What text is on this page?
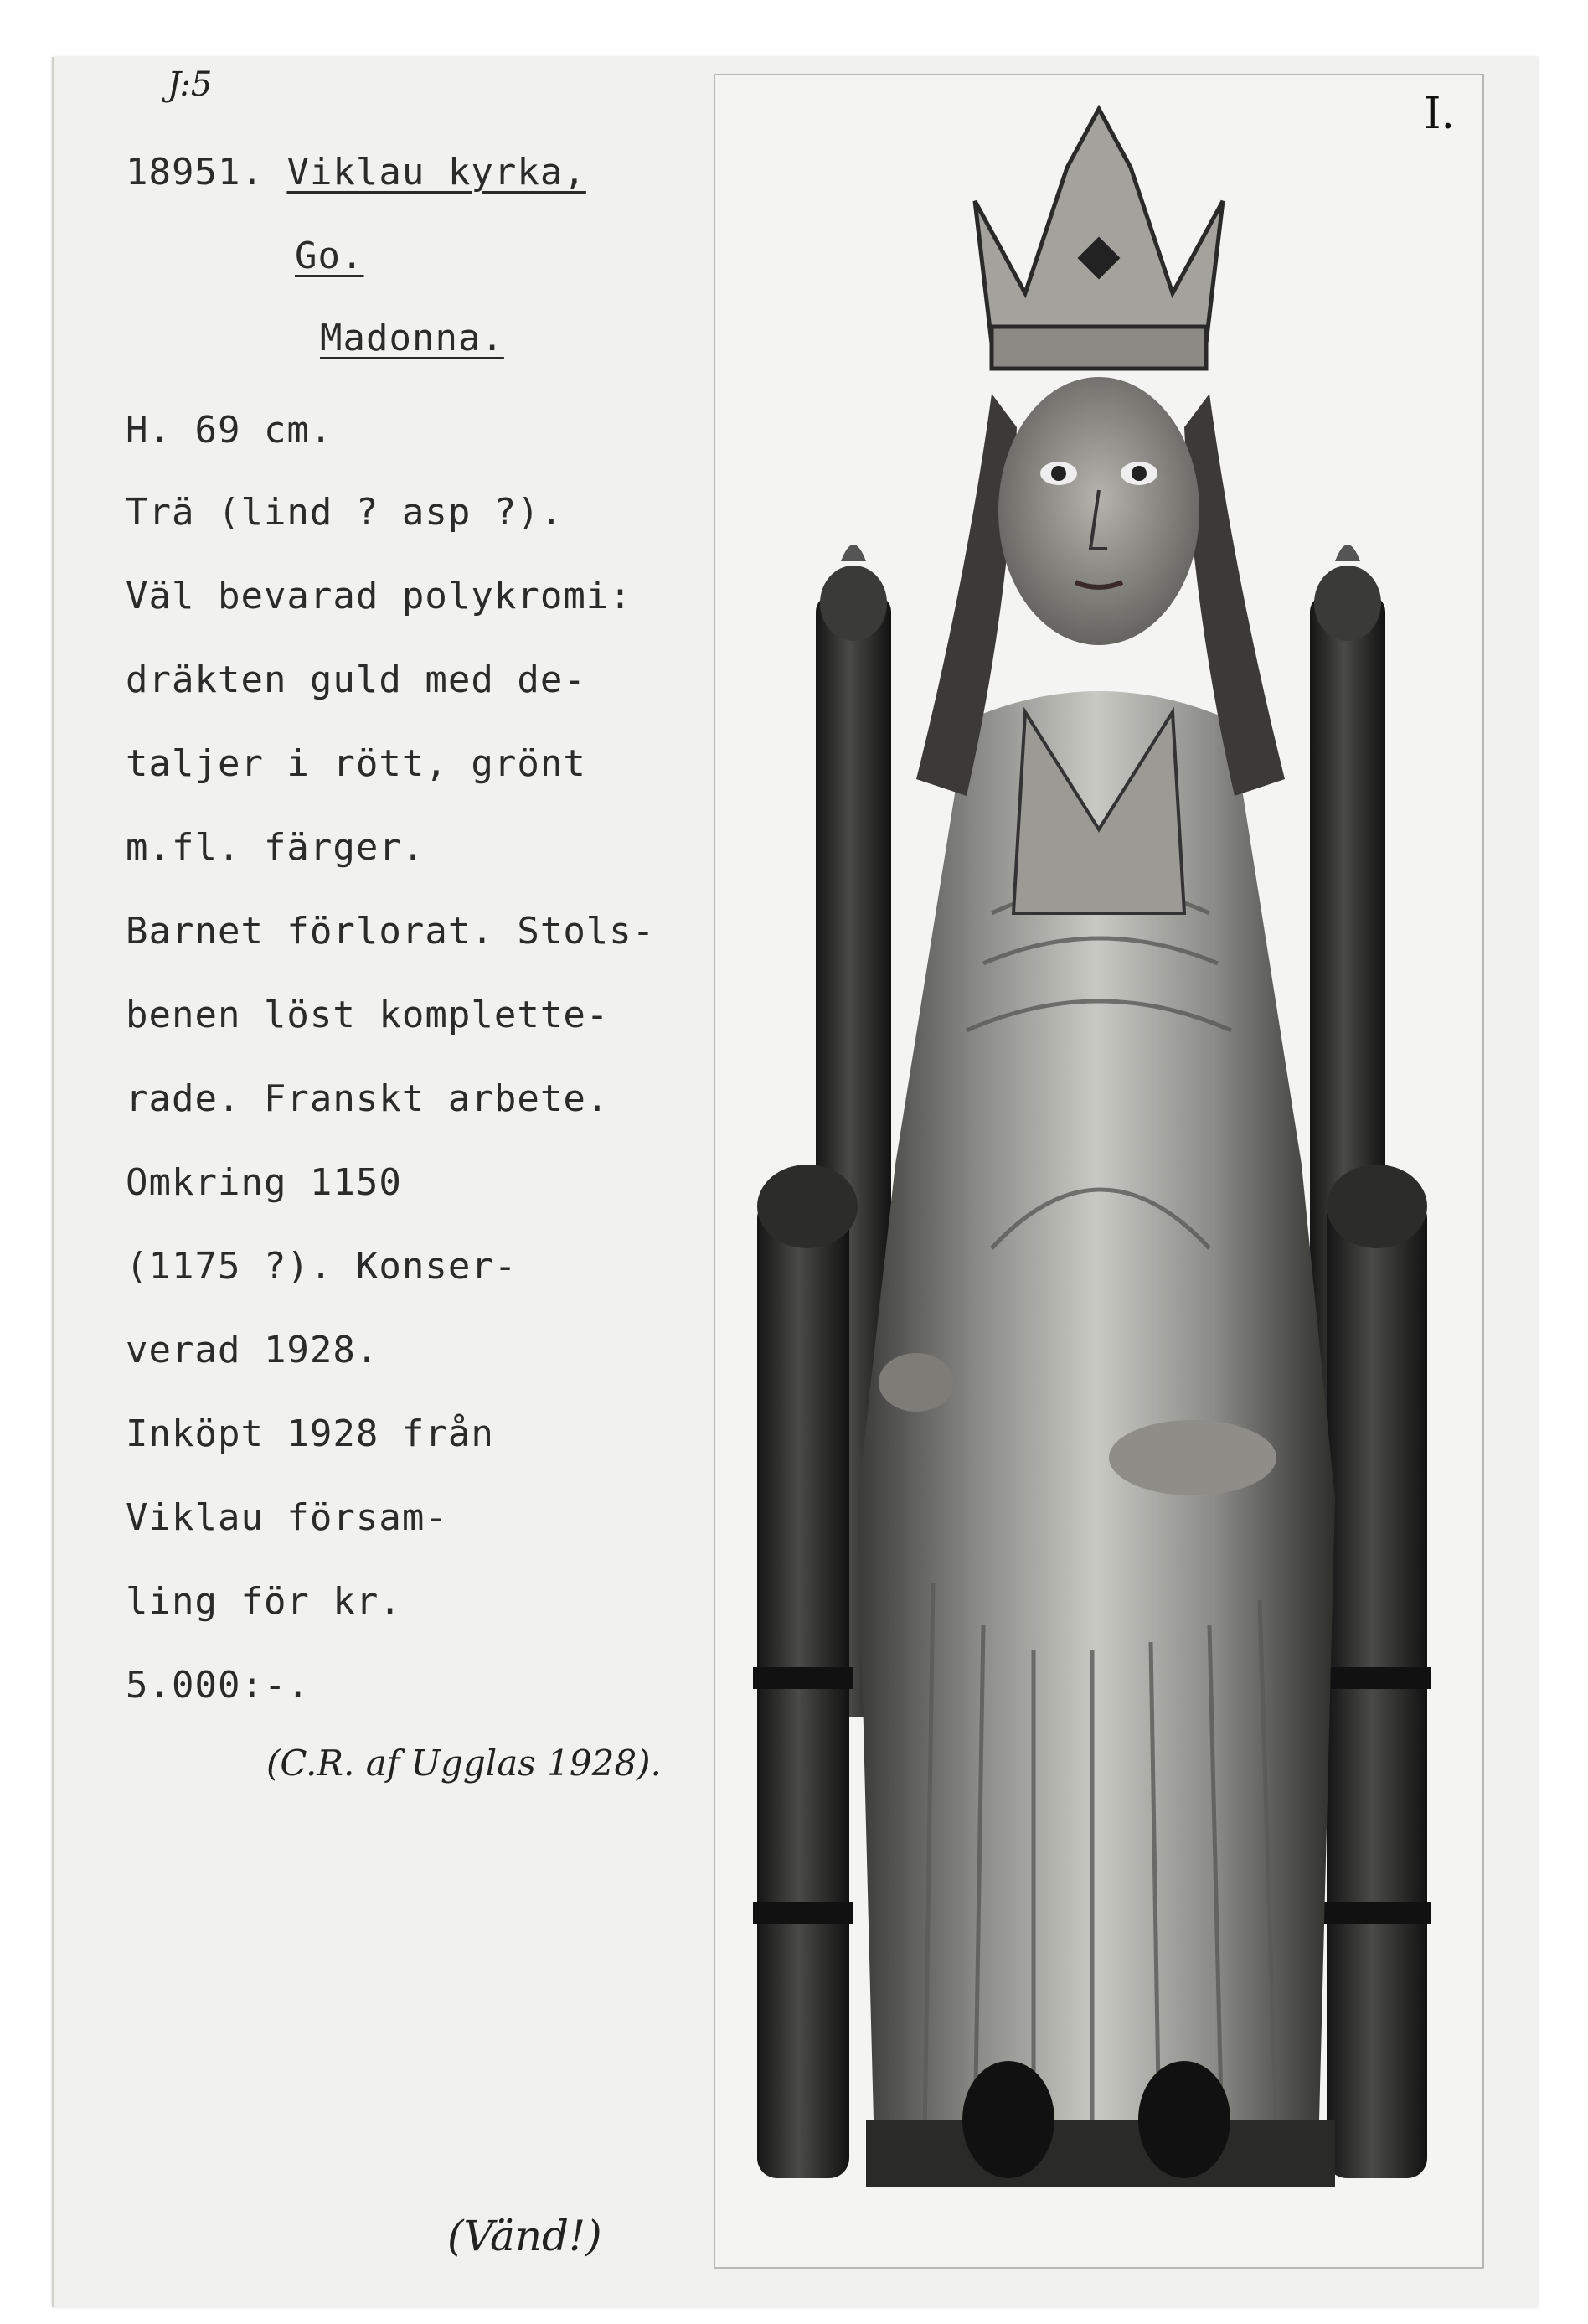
J:5
18951. Viklau kyrka,
Go.
Madonna.
H. 69 cm.
Trä (lind ? asp ?).
Väl bevarad polykromi:
dräkten guld med de-
taljer i rött, grönt
m.fl. färger.
Barnet förlorat. Stols-
benen löst komplette-
rade. Franskt arbete.
Omkring 1150
(1175 ?). Konser-
verad 1928.
Inköpt 1928 från
Viklau försam-
ling för kr.
5.000:-.
(C.R. af Ugglas 1928).
(Vänd!)
I.
